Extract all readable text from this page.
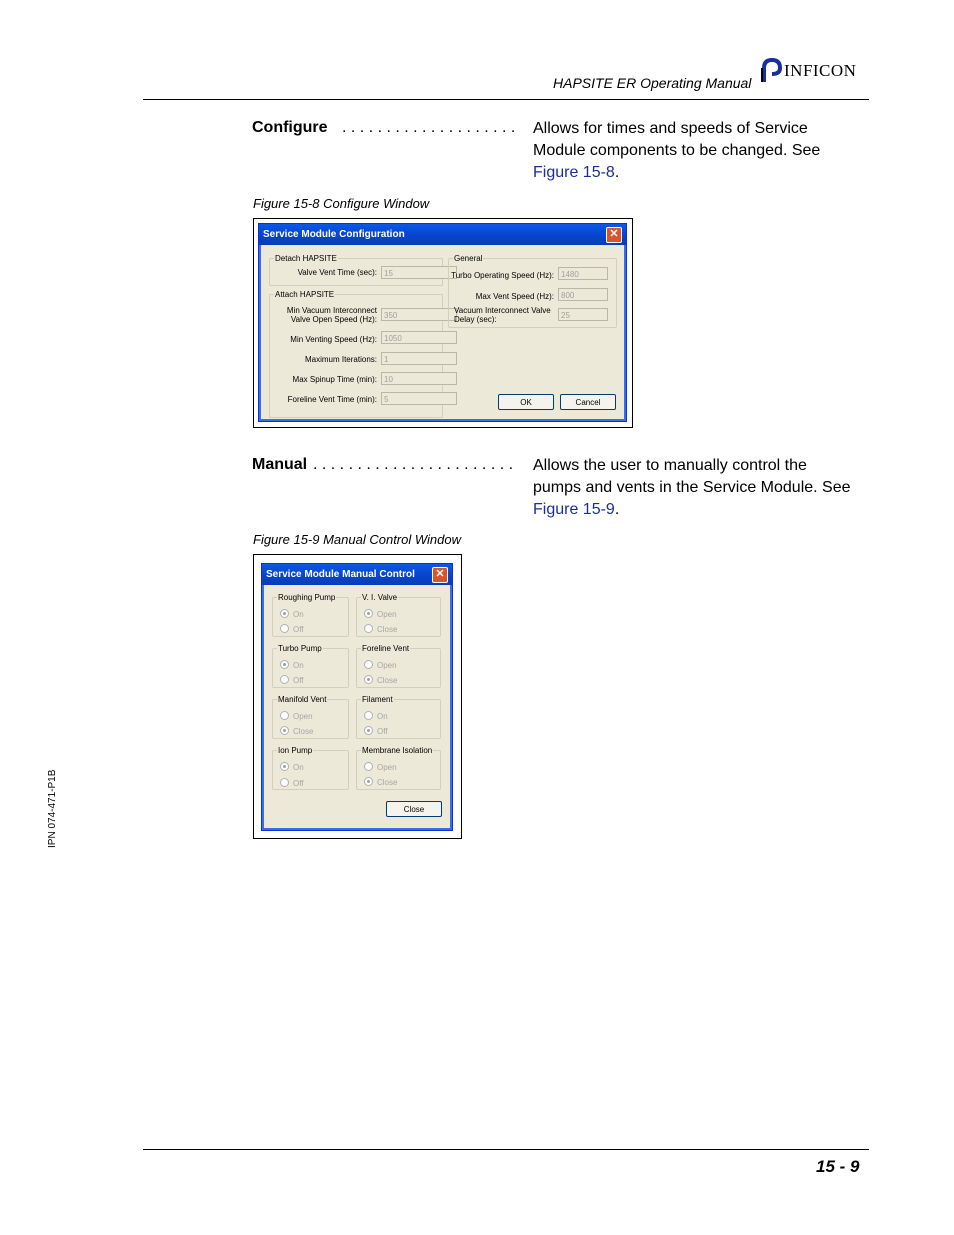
HAPSITE ER Operating Manual
INFICON
Configure . . . . . . . . . . . . . . . . . . . . Allows for times and speeds of Service
Module components to be changed. See
Figure 15-8.
Figure 15-8 Configure Window
Service Module Configuration	✕
Detach HAPSITE
Valve Vent Time (sec): 15
Attach HAPSITE
Min Vacuum Interconnect
Valve Open Speed (Hz): 350
Min Venting Speed (Hz): 1050
Maximum Iterations: 1
Max Spinup Time (min): 10
Foreline Vent Time (min): 5
General
Turbo Operating Speed (Hz): 1480
Max Vent Speed (Hz): 800
Vacuum Interconnect Valve
Delay (sec):	25
OK	Cancel
Manual . . . . . . . . . . . . . . . . . . . . . . . Allows the user to manually control the
pumps and vents in the Service Module. See
Figure 15-9.
Figure 15-9 Manual Control Window
Service Module Manual Control	✕
Roughing Pump
On
Off
V. I. Valve
Open
Close
Turbo Pump
On
Off
Foreline Vent
Open
Close
Manifold Vent
Open
Close
Filament
On
Off
Ion Pump
On
Off
Membrane Isolation
Open
Close
Close
IPN 074-471-P1B
15 - 9
